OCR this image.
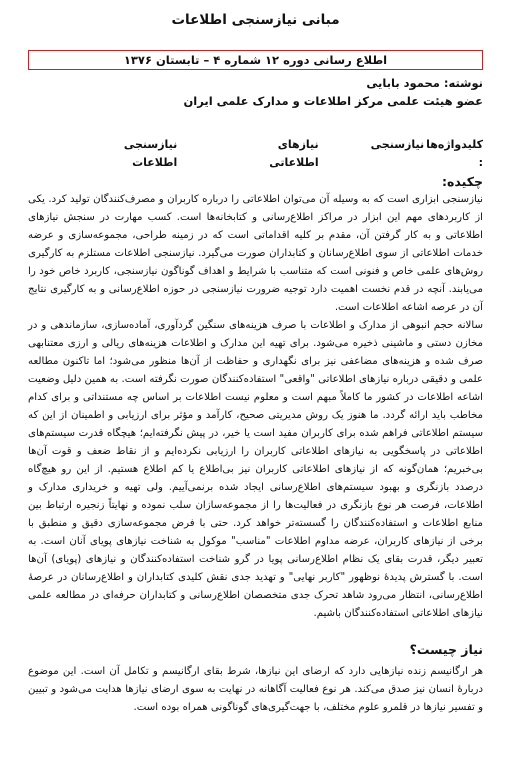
مبانی نیازسنجی اطلاعات
اطلاع رسانی دوره ۱۲ شماره ۴ – تابستان ۱۳۷۶
نوشته: محمود بابایی
عضو هیئت علمی مرکز اطلاعات و مدارک علمی ایران
کلیدواژه‌ها :
نیازسنجی
نیازهای اطلاعاتی
نیازسنجی اطلاعات
چکیده:

نیازسنجی ابزاری است که به وسیله آن می‌توان اطلاعاتی را درباره کاربران و مصرف‌کنندگان تولید کرد. یکی از کاربردهای مهم این ابزار در مراکز اطلاع‌رسانی و کتابخانه‌ها است. کسب مهارت در سنجش نیازهای اطلاعاتی و به کار گرفتن آن، مقدم بر کلیه اقداماتی است که در زمینه طراحی، مجموعه‌سازی و عرضه خدمات اطلاعاتی از سوی اطلاع‌رسانان و کتابداران صورت می‌گیرد. نیازسنجی اطلاعات مستلزم به کارگیری روش‌های علمی خاص و فنونی است که متناسب با شرایط و اهداف گوناگون نیازسنجی، کاربرد خاص خود را می‌یابند. آنچه در قدم نخست اهمیت دارد توجیه ضرورت نیازسنجی در حوزه اطلاع‌رسانی و به کارگیری نتایج آن در عرصه اشاعه اطلاعات است.

سالانه حجم انبوهی از مدارک و اطلاعات با صرف هزینه‌های سنگین گردآوری، آماده‌سازی، سازماندهی و در مخازن دستی و ماشینی ذخیره می‌شود. برای تهیه این مدارک و اطلاعات هزینه‌های ریالی و ارزی معتنابهی صرف شده و هزینه‌های مضاعفی نیز برای نگهداری و حفاظت از آن‌ها منظور می‌شود؛ اما تاکنون مطالعه علمی و دقیقی درباره نیازهای اطلاعاتی "واقعی" استفاده‌کنندگان صورت نگرفته است. به همین دلیل وضعیت اشاعه اطلاعات در کشور ما کاملاً مبهم است و معلوم نیست اطلاعات بر اساس چه مستنداتی و برای کدام مخاطب باید ارائه گردد. ما هنوز یک روش مدیریتی صحیح، کارآمد و مؤثر برای ارزیابی و اطمینان از این که سیستم اطلاعاتی فراهم شده برای کاربران مفید است یا خیر، در پیش نگرفته‌ایم؛ هیچگاه قدرت سیستم‌های اطلاعاتی در پاسخگویی به نیازهای اطلاعاتی کاربران را ارزیابی نکرده‌ایم و از نقاط ضعف و قوت آن‌ها بی‌خبریم؛ همان‌گونه که از نیازهای اطلاعاتی کاربران نیز بی‌اطلاع یا کم اطلاع هستیم. از این رو هیچ‌گاه درصدد بازنگری و بهبود سیستم‌های اطلاع‌رسانی ایجاد شده برنمی‌آییم. ولی تهیه و خریداری مدارک و اطلاعات، فرصت هر نوع بازنگری در فعالیت‌ها را از مجموعه‌سازان سلب نموده و نهایتاً زنجیره ارتباط بین منابع اطلاعات و استفاده‌کنندگان را گسسته‌تر خواهد کرد. حتی با فرض مجموعه‌سازی دقیق و منطبق با برخی از نیازهای کاربران، عرضه مداوم اطلاعات "مناسب" موکول به شناخت نیازهای پویای آنان است. به تعبیر دیگر، قدرت بقای یک نظام اطلاع‌رسانی پویا در گرو شناخت استفاده‌کنندگان و نیازهای (پویای) آن‌ها است. با گسترش پدیدهٔ نوظهور "کاربر نهایی" و تهدید جدی نقش کلیدی کتابداران و اطلاع‌رسانان در عرصهٔ اطلاع‌رسانی، انتظار می‌رود شاهد تحرک جدی متخصصان اطلاع‌رسانی و کتابداران حرفه‌ای در مطالعه علمی نیازهای اطلاعاتی استفاده‌کنندگان باشیم.

نیاز چیست؟

هر ارگانیسم زنده نیازهایی دارد که ارضای این نیازها، شرط بقای ارگانیسم و تکامل آن است. این موضوع دربارهٔ انسان نیز صدق می‌کند. هر نوع فعالیت آگاهانه در نهایت به سوی ارضای نیازها هدایت می‌شود و تبیین و تفسیر نیازها در قلمرو علوم مختلف، با جهت‌گیری‌های گوناگونی همراه بوده است.
